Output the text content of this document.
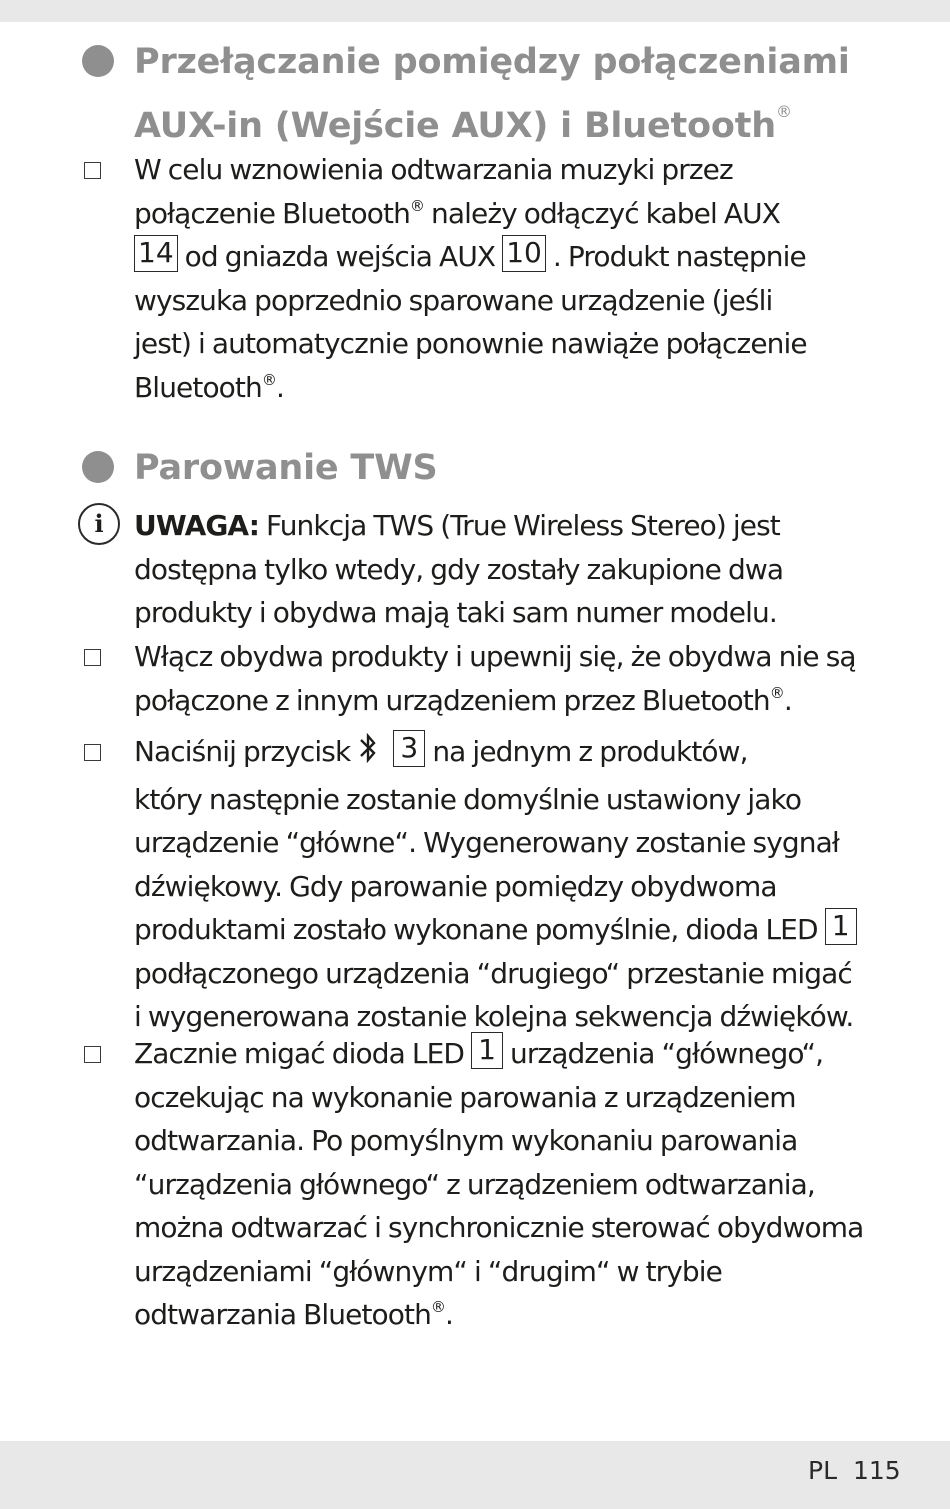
Przełączanie pomiędzy połączeniami
AUX-in (Wejście AUX) i Bluetooth®

W celu wznowienia odtwarzania muzyki przez
połączenie Bluetooth® należy odłączyć kabel AUX
14 od gniazda wejścia AUX 10 . Produkt następnie
wyszuka poprzednio sparowane urządzenie (jeśli
jest) i automatycznie ponownie nawiąże połączenie
Bluetooth®.

Parowanie TWS
i	UWAGA: Funkcja TWS (True Wireless Stereo) jest
dostępna tylko wtedy, gdy zostały zakupione dwa
produkty i obydwa mają taki sam numer modelu.

Włącz obydwa produkty i upewnij się, że obydwa nie są
połączone z innym urządzeniem przez Bluetooth®.

Naciśnij przycisk   3 na jednym z produktów,
który następnie zostanie domyślnie ustawiony jako
urządzenie “główne“. Wygenerowany zostanie sygnał
dźwiękowy. Gdy parowanie pomiędzy obydwoma
produktami zostało wykonane pomyślnie, dioda LED 1
podłączonego urządzenia “drugiego“ przestanie migać
i wygenerowana zostanie kolejna sekwencja dźwięków.

Zacznie migać dioda LED 1 urządzenia “głównego“,
oczekując na wykonanie parowania z urządzeniem
odtwarzania. Po pomyślnym wykonaniu parowania
“urządzenia głównego“ z urządzeniem odtwarzania,
można odtwarzać i synchronicznie sterować obydwoma
urządzeniami “głównym“ i “drugim“ w trybie
odtwarzania Bluetooth®.

PL 115
